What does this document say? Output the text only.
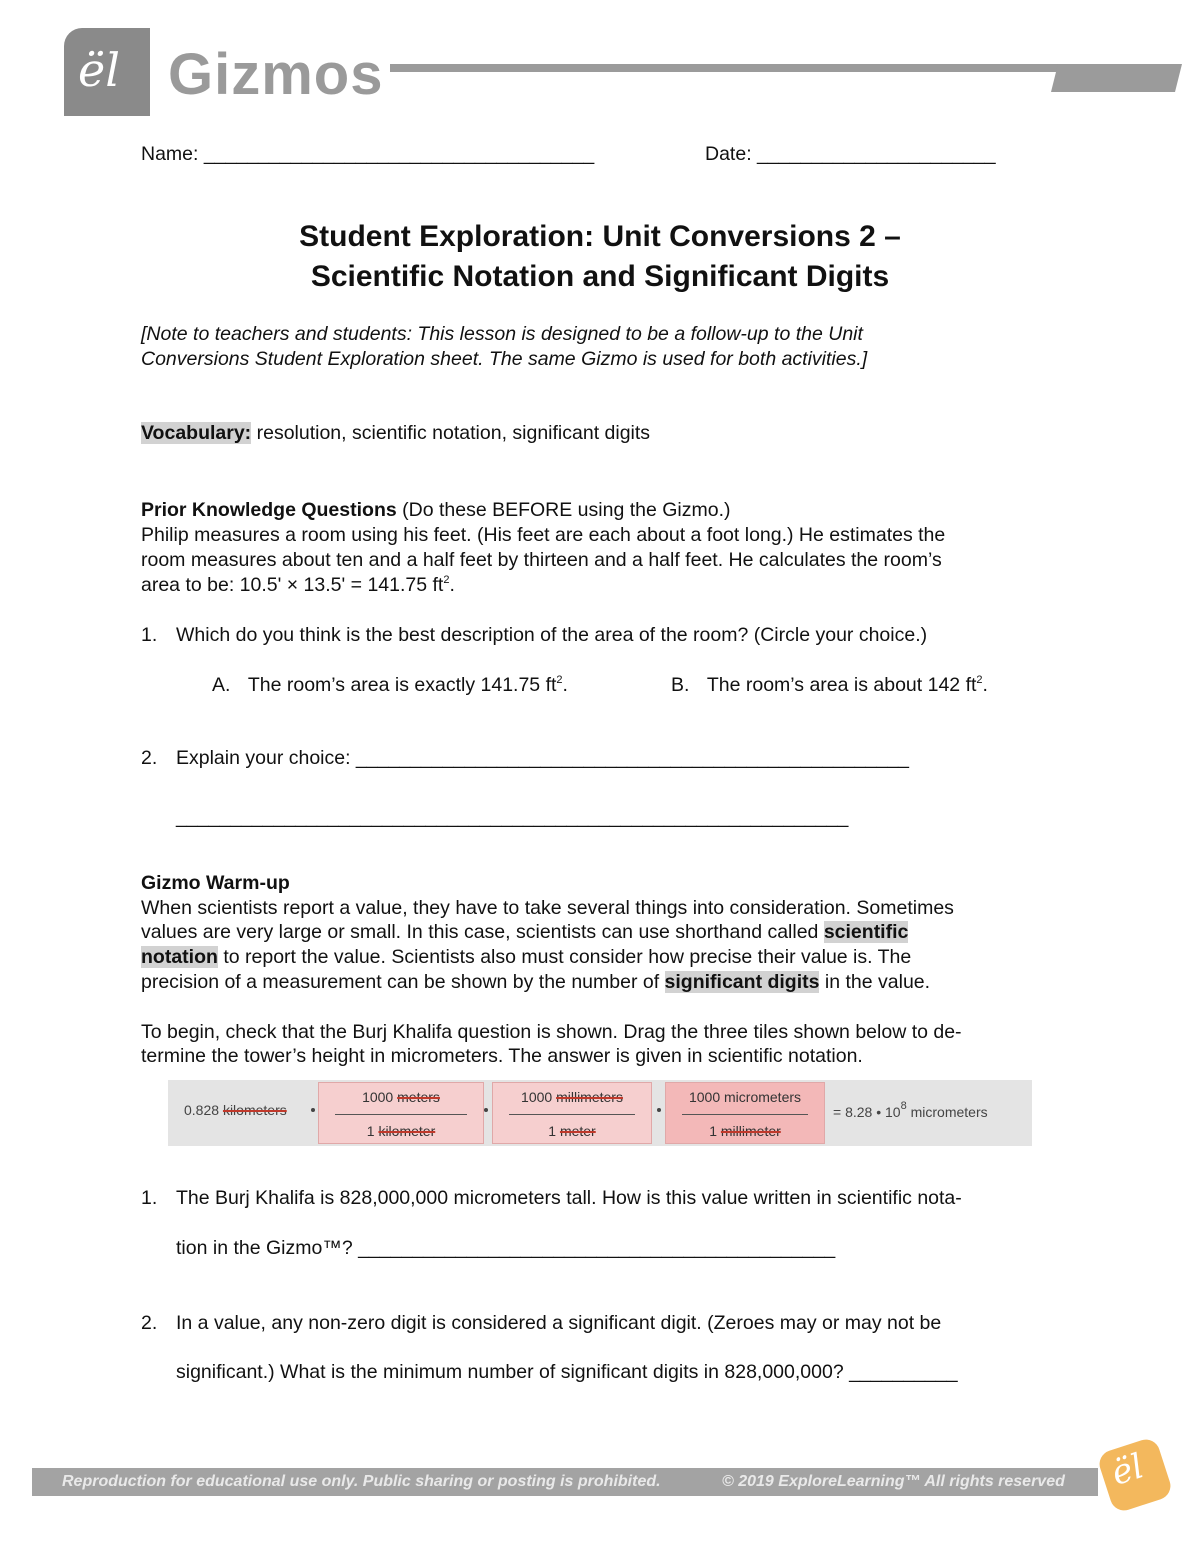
ël Gizmos
Name: ____________________________________	Date: ______________________
Student Exploration: Unit Conversions 2 –
Scientific Notation and Significant Digits
[Note to teachers and students: This lesson is designed to be a follow-up to the Unit
Conversions Student Exploration sheet. The same Gizmo is used for both activities.]
Vocabulary: resolution, scientific notation, significant digits
Prior Knowledge Questions (Do these BEFORE using the Gizmo.)
Philip measures a room using his feet. (His feet are each about a foot long.) He estimates the
room measures about ten and a half feet by thirteen and a half feet. He calculates the room’s
area to be: 10.5' × 13.5' = 141.75 $ft^2$.
1. Which do you think is the best description of the area of the room? (Circle your choice.)
A. The room’s area is exactly 141.75 $ft^2$.	B. The room’s area is about 142 $ft^2$.
2. Explain your choice: ___________________________________________________
______________________________________________________________
Gizmo Warm-up
When scientists report a value, they have to take several things into consideration. Sometimes
values are very large or small. In this case, scientists can use shorthand called scientific
notation to report the value. Scientists also must consider how precise their value is. The
precision of a measurement can be shown by the number of significant digits in the value.
To begin, check that the Burj Khalifa question is shown. Drag the three tiles shown below to de-
termine the tower’s height in micrometers. The answer is given in scientific notation.
0.828 kilometers
1000 meters
1 kilometer
1000 millimeters
1 meter
1000 micrometers
1 millimeter
= 8.28 • $10^8$ micrometers
1. The Burj Khalifa is 828,000,000 micrometers tall. How is this value written in scientific nota-
tion in the Gizmo™? ____________________________________________
2. In a value, any non-zero digit is considered a significant digit. (Zeroes may or may not be
significant.) What is the minimum number of significant digits in 828,000,000? __________
Reproduction for educational use only. Public sharing or posting is prohibited.	© 2019 ExploreLearning™ All rights reserved ël
